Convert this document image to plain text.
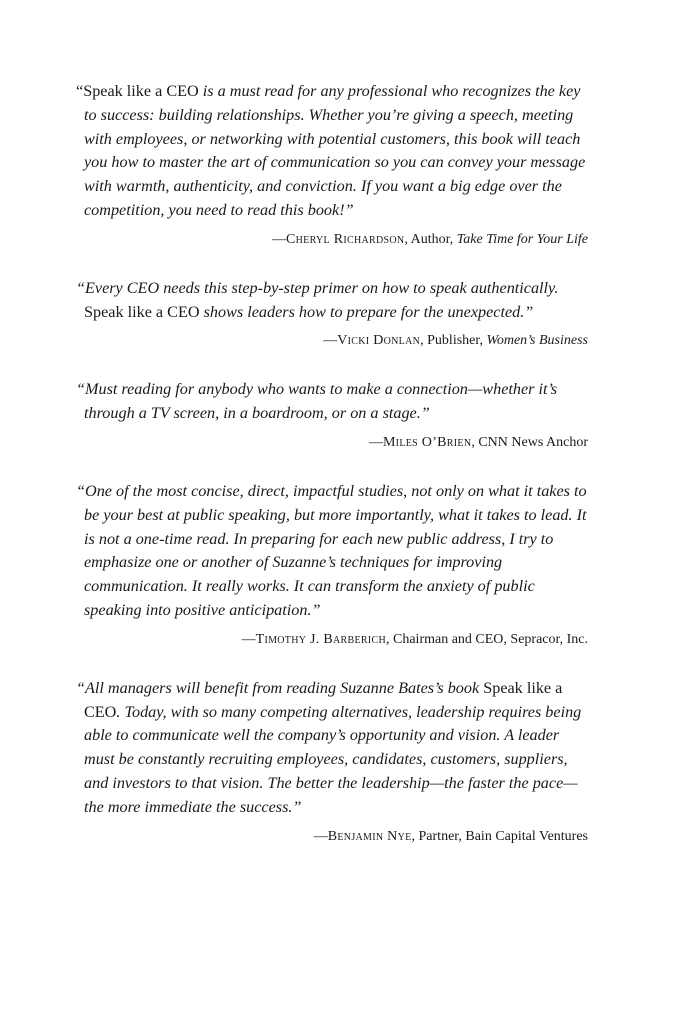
“Speak like a CEO is a must read for any professional who recognizes the key to success: building relationships. Whether you’re giving a speech, meeting with employees, or networking with potential customers, this book will teach you how to master the art of communication so you can convey your message with warmth, authenticity, and conviction. If you want a big edge over the competition, you need to read this book!”

—Cheryl Richardson, Author, Take Time for Your Life

“Every CEO needs this step-by-step primer on how to speak authentically. Speak like a CEO shows leaders how to prepare for the unexpected.”

—Vicki Donlan, Publisher, Women’s Business

“Must reading for anybody who wants to make a connection—whether it’s through a TV screen, in a boardroom, or on a stage.”

—Miles O’Brien, CNN News Anchor

“One of the most concise, direct, impactful studies, not only on what it takes to be your best at public speaking, but more importantly, what it takes to lead. It is not a one-time read. In preparing for each new public address, I try to emphasize one or another of Suzanne’s techniques for improving communication. It really works. It can transform the anxiety of public speaking into positive anticipation.”

—Timothy J. Barberich, Chairman and CEO, Sepracor, Inc.

“All managers will benefit from reading Suzanne Bates’s book Speak like a CEO. Today, with so many competing alternatives, leadership requires being able to communicate well the company’s opportunity and vision. A leader must be constantly recruiting employees, candidates, customers, suppliers, and investors to that vision. The better the leadership—the faster the pace—the more immediate the success.”

—Benjamin Nye, Partner, Bain Capital Ventures
